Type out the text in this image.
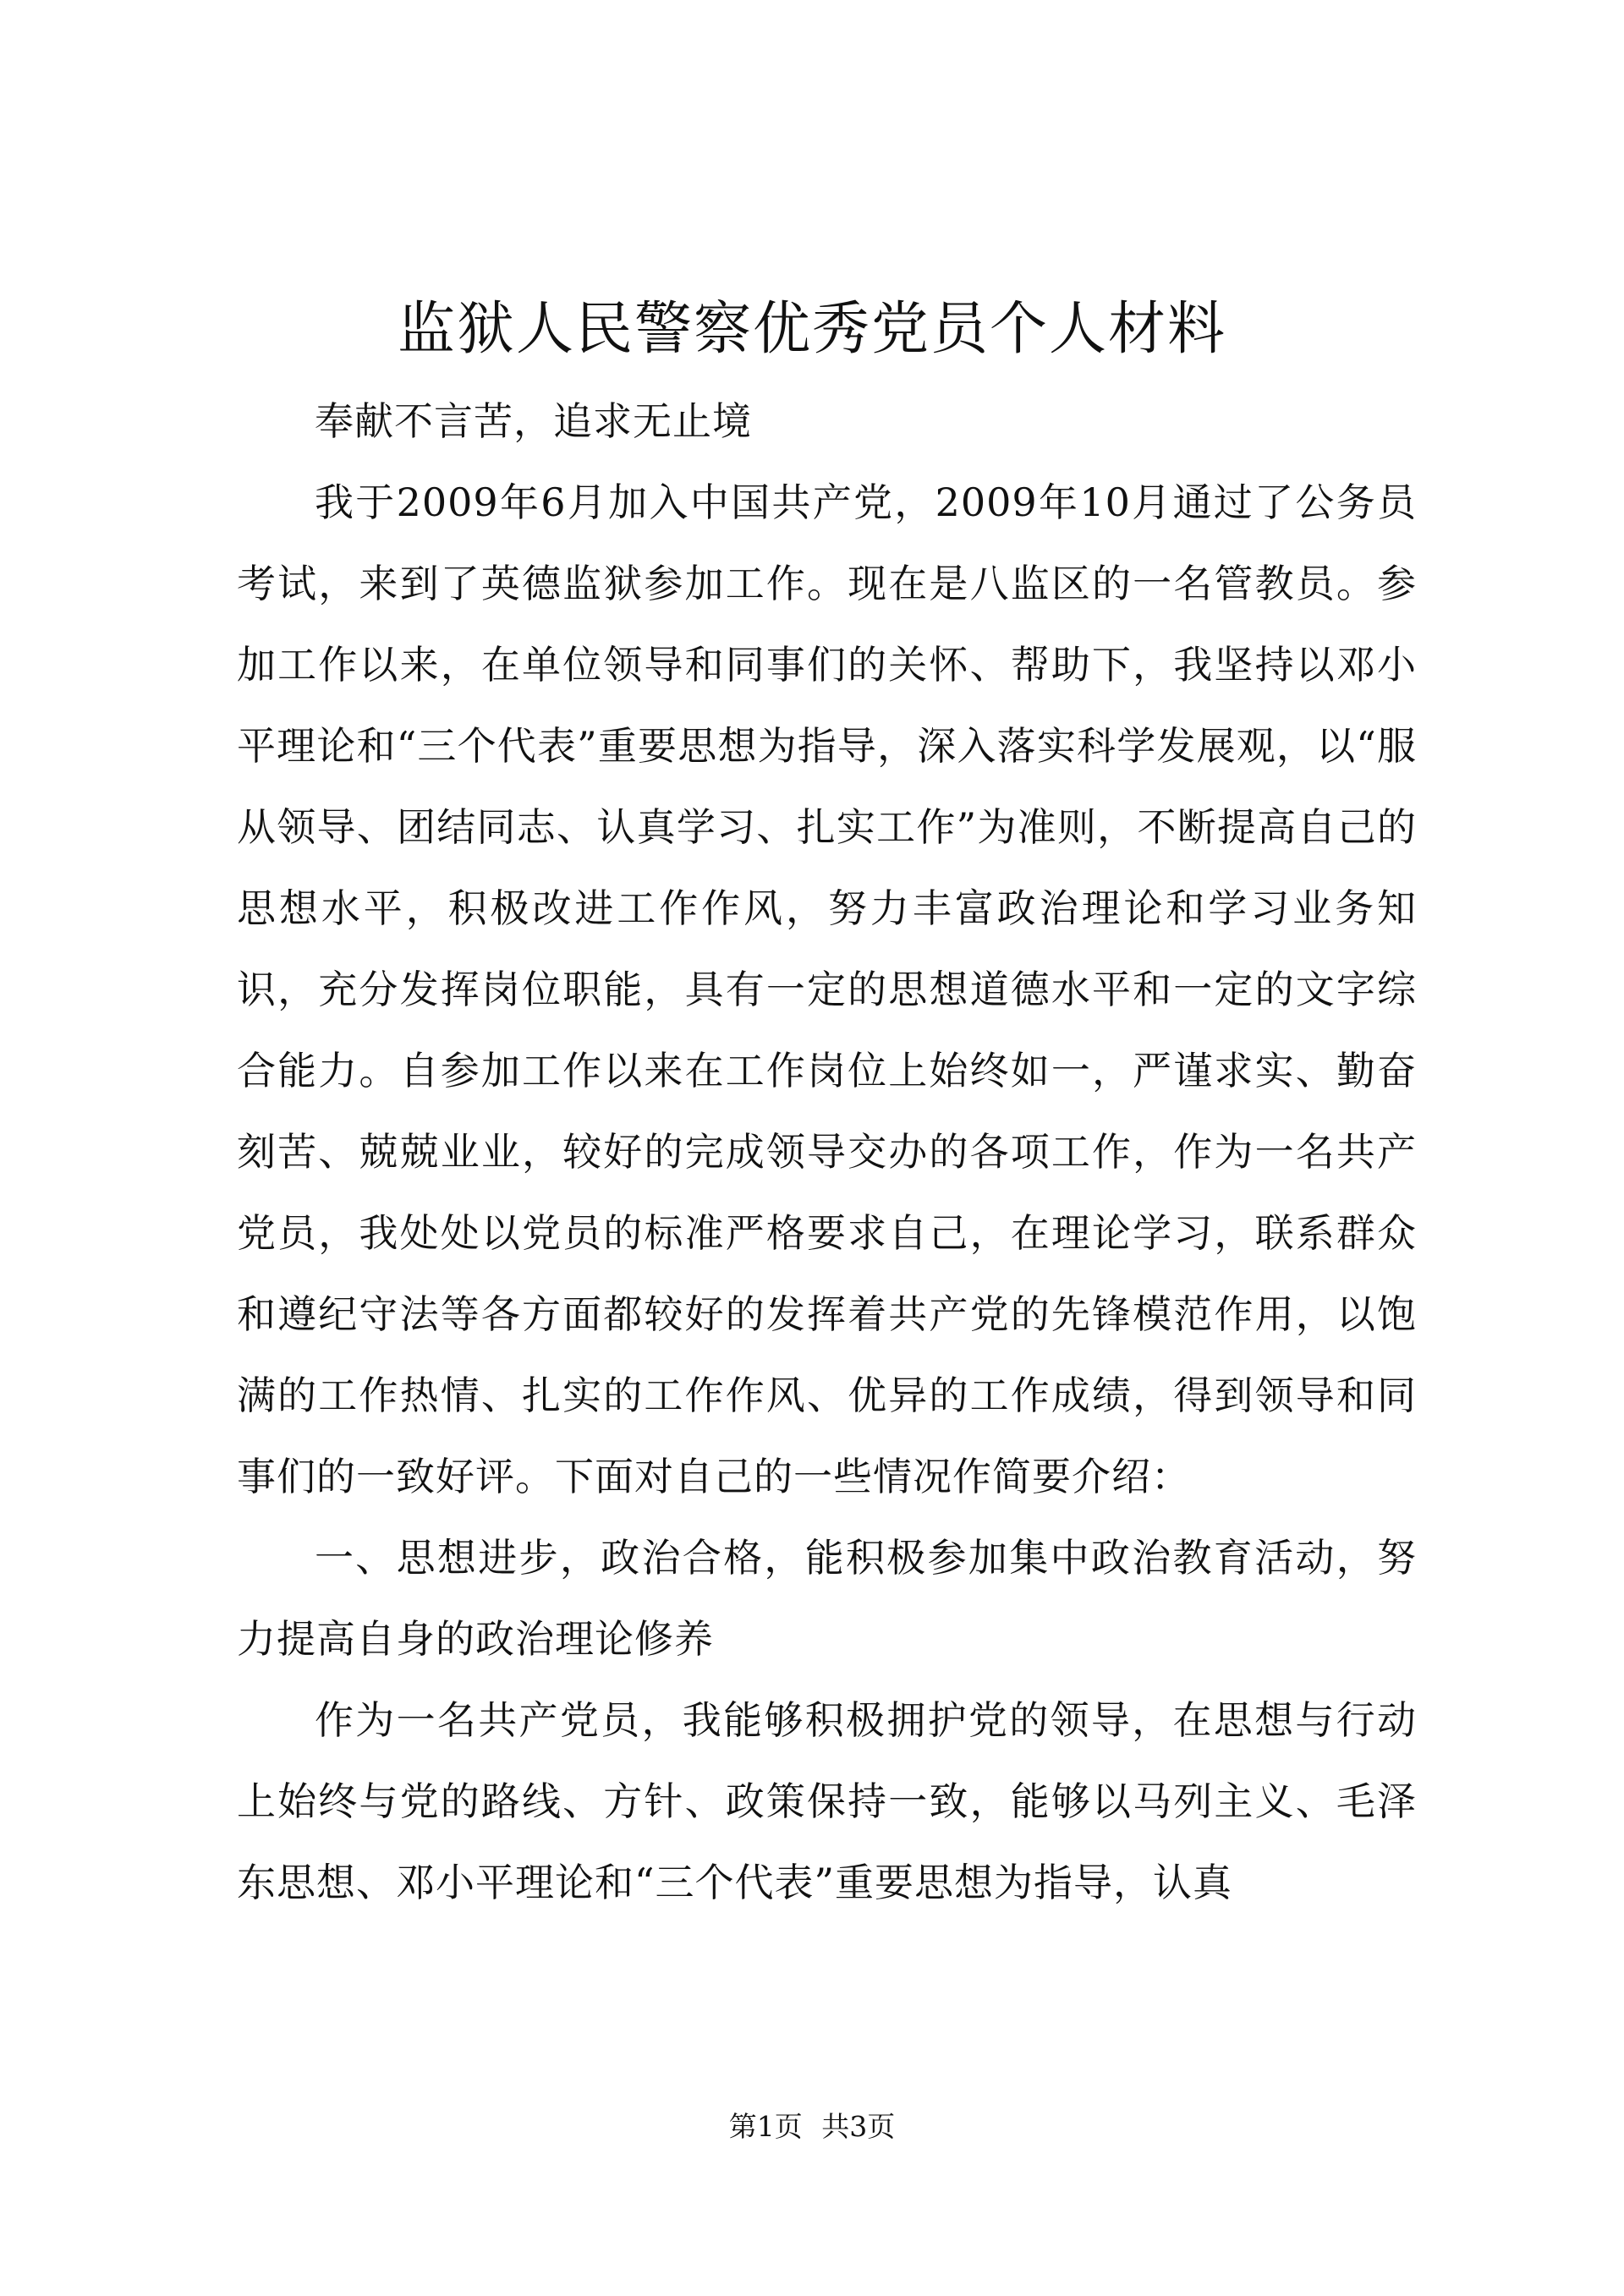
监狱人民警察优秀党员个人材料

奉献不言苦，追求无止境

我于2009年6月加入中国共产党，2009年10月通过了公务员考试，来到了英德监狱参加工作。现在是八监区的一名管教员。参加工作以来，在单位领导和同事们的关怀、帮助下，我坚持以邓小平理论和“三个代表”重要思想为指导，深入落实科学发展观，以“服从领导、团结同志、认真学习、扎实工作”为准则，不断提高自己的思想水平，积极改进工作作风，努力丰富政治理论和学习业务知识，充分发挥岗位职能，具有一定的思想道德水平和一定的文字综合能力。自参加工作以来在工作岗位上始终如一，严谨求实、勤奋刻苦、兢兢业业，较好的完成领导交办的各项工作，作为一名共产党员，我处处以党员的标准严格要求自己，在理论学习，联系群众和遵纪守法等各方面都较好的发挥着共产党的先锋模范作用，以饱满的工作热情、扎实的工作作风、优异的工作成绩，得到领导和同事们的一致好评。下面对自己的一些情况作简要介绍：

一、思想进步，政治合格，能积极参加集中政治教育活动，努力提高自身的政治理论修养

作为一名共产党员，我能够积极拥护党的领导，在思想与行动上始终与党的路线、方针、政策保持一致，能够以马列主义、毛泽东思想、邓小平理论和“三个代表”重要思想为指导，认真

第1页 共3页
